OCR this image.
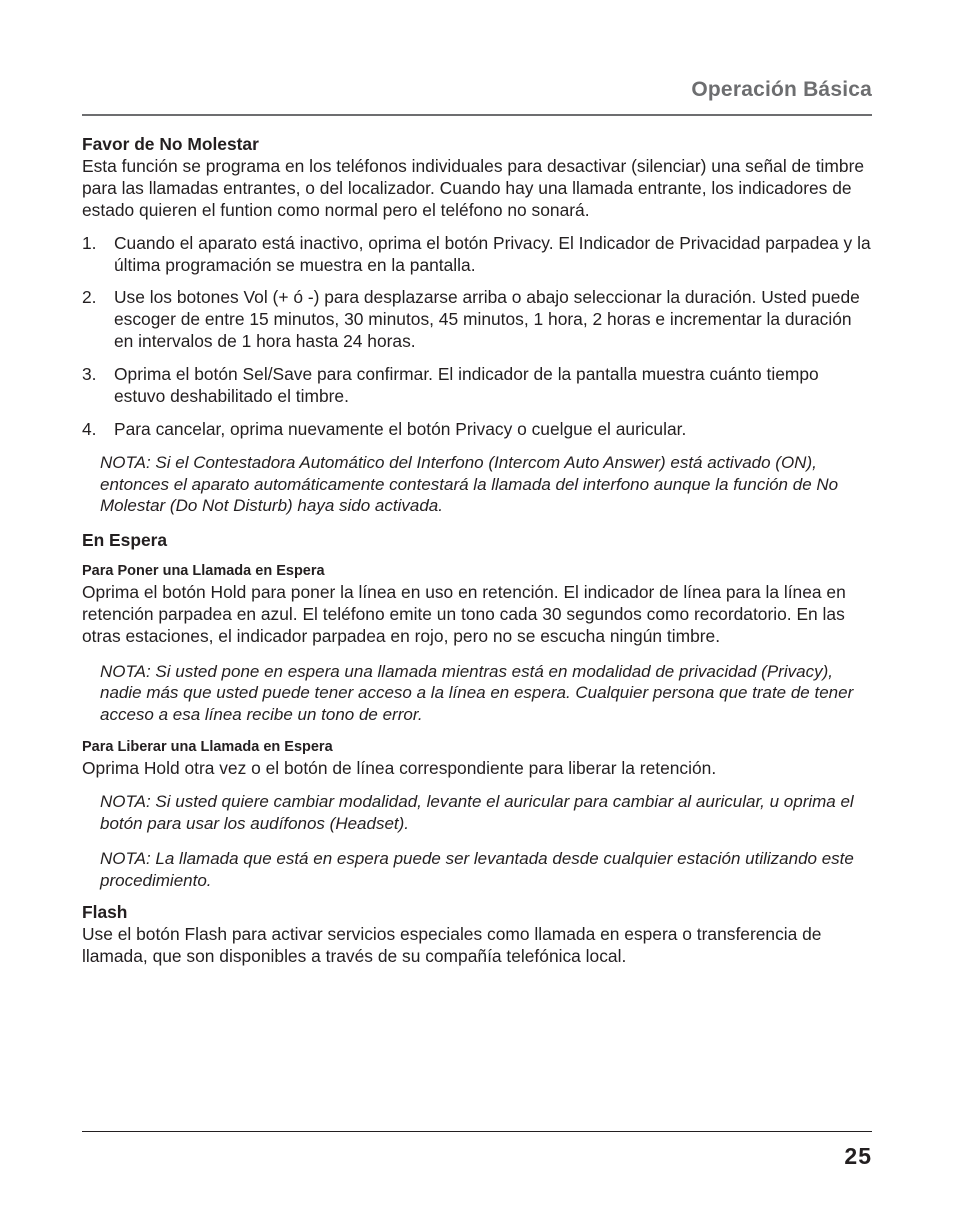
Operación Básica
Favor de No Molestar

Esta función se programa en los teléfonos individuales para desactivar (silenciar) una señal de timbre para las llamadas entrantes, o del localizador. Cuando hay una llamada entrante, los indicadores de estado quieren el funtion como normal pero el teléfono no sonará.

1. Cuando el aparato está inactivo, oprima el botón Privacy. El Indicador de Privacidad parpadea y la última programación se muestra en la pantalla.
2. Use los botones Vol (+ ó -) para desplazarse arriba o abajo seleccionar la duración. Usted puede escoger de entre 15 minutos, 30 minutos, 45 minutos, 1 hora, 2 horas e incrementar la duración en intervalos de 1 hora hasta 24 horas.
3. Oprima el botón Sel/Save para confirmar. El indicador de la pantalla muestra cuánto tiempo estuvo deshabilitado el timbre.
4. Para cancelar, oprima nuevamente el botón Privacy o cuelgue el auricular.

NOTA: Si el Contestadora Automático del Interfono (Intercom Auto Answer) está activado (ON), entonces el aparato automáticamente contestará la llamada del interfono aunque la función de No Molestar (Do Not Disturb) haya sido activada.

En Espera
Para Poner una Llamada en Espera

Oprima el botón Hold para poner la línea en uso en retención. El indicador de línea para la línea en retención parpadea en azul. El teléfono emite un tono cada 30 segundos como recordatorio. En las otras estaciones, el indicador parpadea en rojo, pero no se escucha ningún timbre.

NOTA: Si usted pone en espera una llamada mientras está en modalidad de privacidad (Privacy), nadie más que usted puede tener acceso a la línea en espera. Cualquier persona que trate de tener acceso a esa línea recibe un tono de error.

Para Liberar una Llamada en Espera

Oprima Hold otra vez o el botón de línea correspondiente para liberar la retención.

NOTA: Si usted quiere cambiar modalidad, levante el auricular para cambiar al auricular, u oprima el botón para usar los audífonos (Headset).

NOTA: La llamada que está en espera puede ser levantada desde cualquier estación utilizando este procedimiento.

Flash

Use el botón Flash para activar servicios especiales como llamada en espera o transferencia de llamada, que son disponibles a través de su compañía telefónica local.

25
